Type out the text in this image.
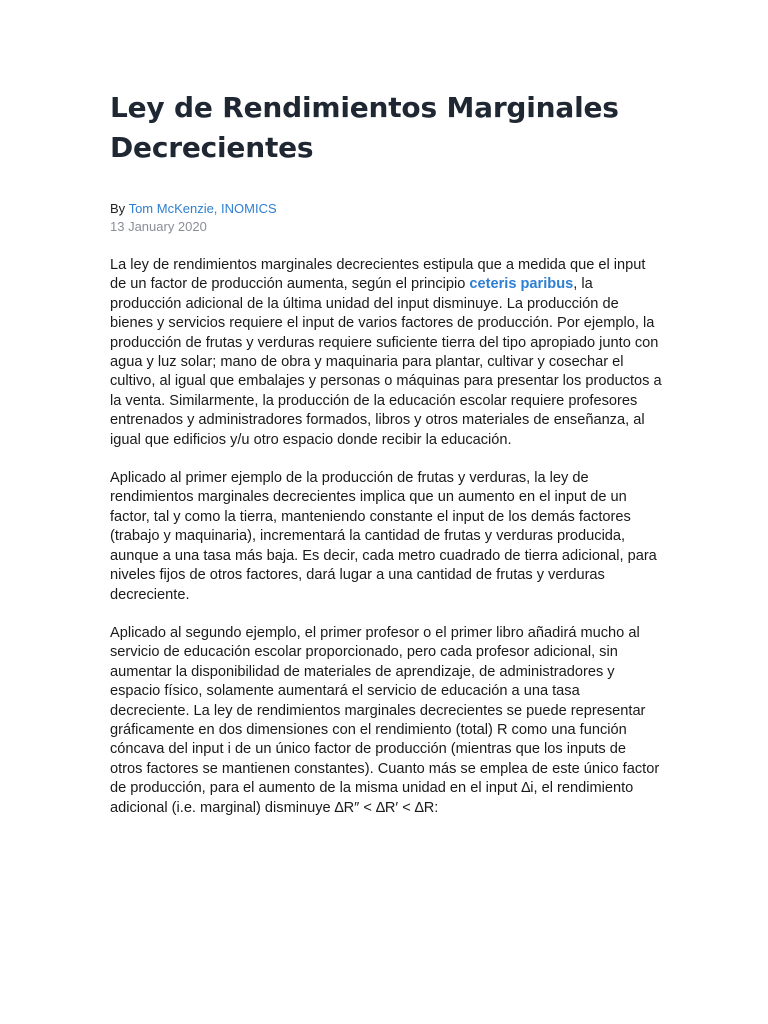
Ley de Rendimientos Marginales Decrecientes
By Tom McKenzie, INOMICS
13 January 2020

La ley de rendimientos marginales decrecientes estipula que a medida que el input de un factor de producción aumenta, según el principio ceteris paribus, la producción adicional de la última unidad del input disminuye. La producción de bienes y servicios requiere el input de varios factores de producción. Por ejemplo, la producción de frutas y verduras requiere suficiente tierra del tipo apropiado junto con agua y luz solar; mano de obra y maquinaria para plantar, cultivar y cosechar el cultivo, al igual que embalajes y personas o máquinas para presentar los productos a la venta. Similarmente, la producción de la educación escolar requiere profesores entrenados y administradores formados, libros y otros materiales de enseñanza, al igual que edificios y/u otro espacio donde recibir la educación.

Aplicado al primer ejemplo de la producción de frutas y verduras, la ley de rendimientos marginales decrecientes implica que un aumento en el input de un factor, tal y como la tierra, manteniendo constante el input de los demás factores (trabajo y maquinaria), incrementará la cantidad de frutas y verduras producida, aunque a una tasa más baja. Es decir, cada metro cuadrado de tierra adicional, para niveles fijos de otros factores, dará lugar a una cantidad de frutas y verduras decreciente.

Aplicado al segundo ejemplo, el primer profesor o el primer libro añadirá mucho al servicio de educación escolar proporcionado, pero cada profesor adicional, sin aumentar la disponibilidad de materiales de aprendizaje, de administradores y espacio físico, solamente aumentará el servicio de educación a una tasa decreciente. La ley de rendimientos marginales decrecientes se puede representar gráficamente en dos dimensiones con el rendimiento (total) R como una función cóncava del input i de un único factor de producción (mientras que los inputs de otros factores se mantienen constantes). Cuanto más se emplea de este único factor de producción, para el aumento de la misma unidad en el input ∆i, el rendimiento adicional (i.e. marginal) disminuye ∆R″ < ∆R′ < ∆R:
